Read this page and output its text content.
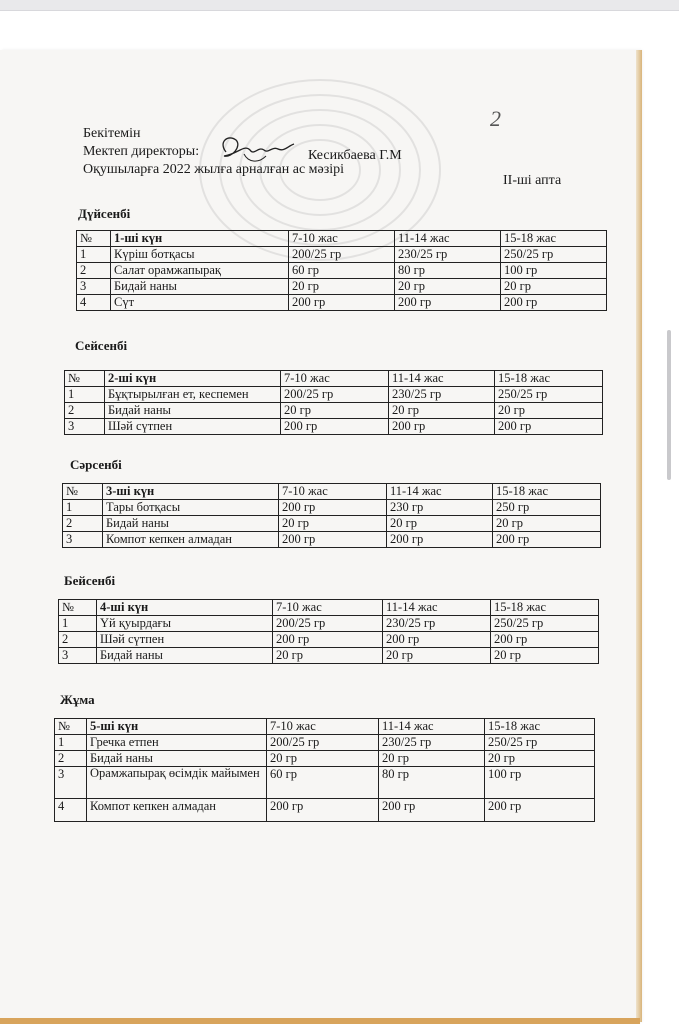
2
Бекітемін
Мектеп директоры:	Кесикбаева Г.М
Оқушыларға 2022 жылға арналған ас мәзірі
ІІ-ші апта
Дүйсенбі
№	1-ші күн	7-10 жас	11-14 жас	15-18 жас
1	Күріш ботқасы	200/25 гр	230/25 гр	250/25 гр
2	Салат орамжапырақ	60 гр	80 гр	100 гр
3	Бидай наны	20 гр	20 гр	20 гр
4	Сүт	200 гр	200 гр	200 гр
Сейсенбі
№	2-ші күн	7-10 жас	11-14 жас	15-18 жас
1	Бұқтырылған ет, кеспемен	200/25 гр	230/25 гр	250/25 гр
2	Бидай наны	20 гр	20 гр	20 гр
3	Шәй сүтпен	200 гр	200 гр	200 гр
Сәрсенбі
№	3-ші күн	7-10 жас	11-14 жас	15-18 жас
1	Тары ботқасы	200 гр	230 гр	250 гр
2	Бидай наны	20 гр	20 гр	20 гр
3	Компот кепкен алмадан	200 гр	200 гр	200 гр
Бейсенбі
№	4-ші күн	7-10 жас	11-14 жас	15-18 жас
1	Үй қуырдағы	200/25 гр	230/25 гр	250/25 гр
2	Шәй сүтпен	200 гр	200 гр	200 гр
3	Бидай наны	20 гр	20 гр	20 гр
Жұма
№	5-ші күн	7-10 жас	11-14 жас	15-18 жас
1	Гречка етпен	200/25 гр	230/25 гр	250/25 гр
2	Бидай наны	20 гр	20 гр	20 гр
3	Орамжапырақ өсімдік майымен	60 гр	80 гр	100 гр
4	Компот кепкен алмадан	200 гр	200 гр	200 гр
